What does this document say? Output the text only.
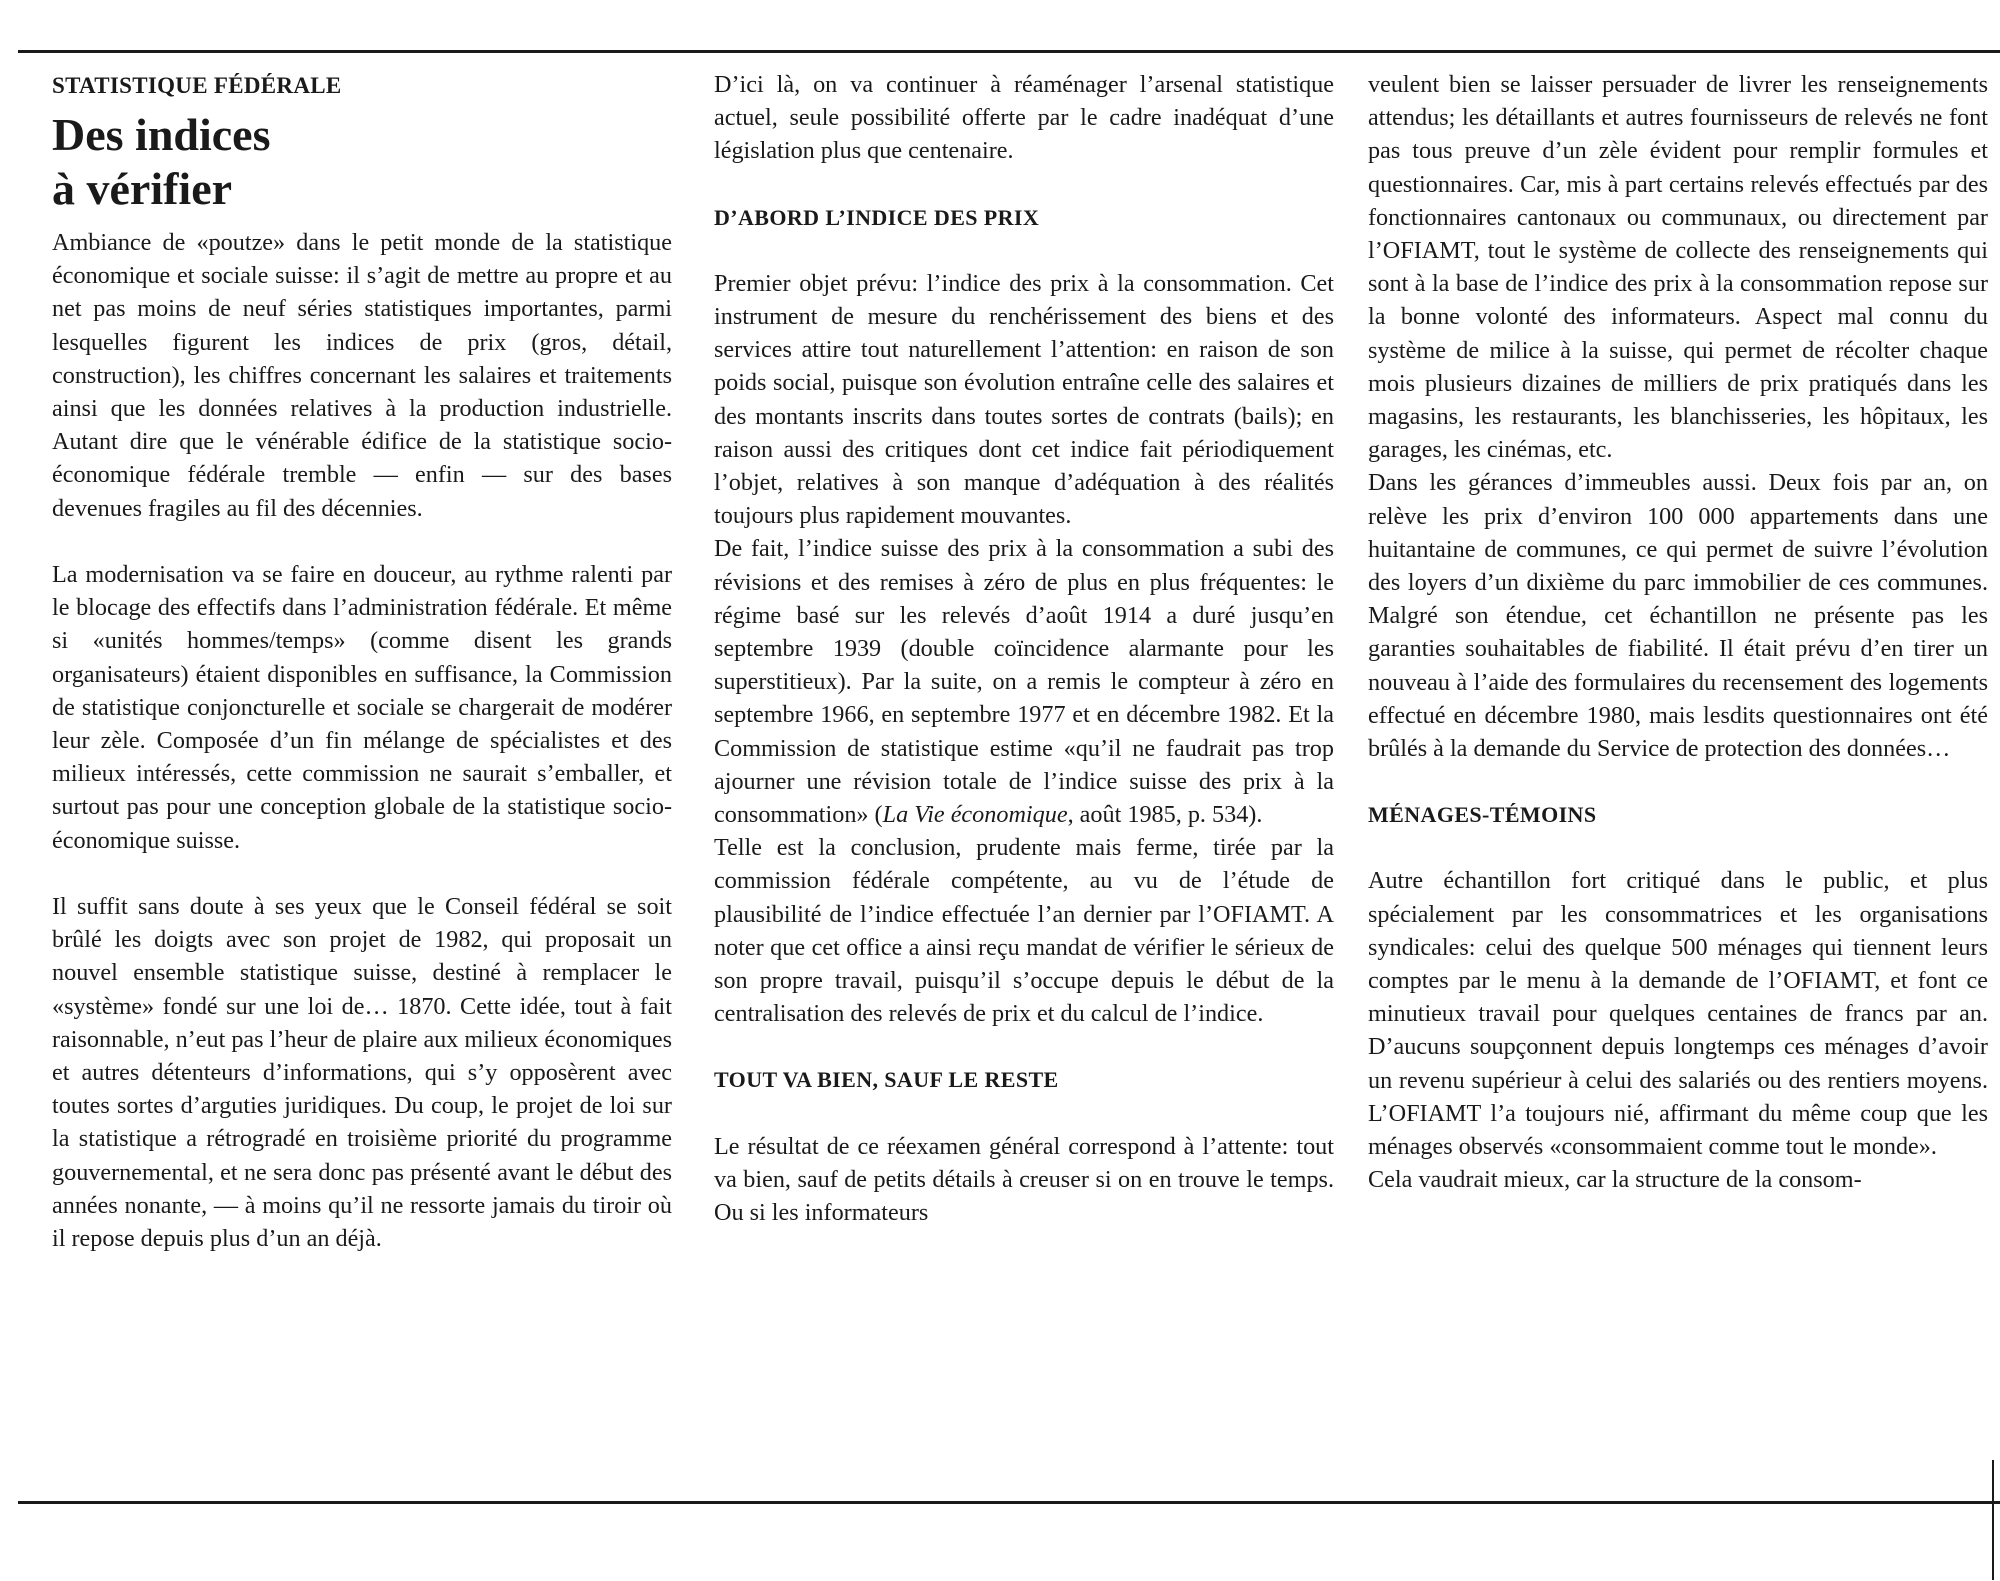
STATISTIQUE FÉDÉRALE
Des indices
à vérifier

Ambiance de «poutze» dans le petit monde de la statistique économique et sociale suisse: il s’agit de mettre au propre et au net pas moins de neuf séries statistiques importantes, parmi lesquelles figurent les indices de prix (gros, détail, construction), les chiffres concernant les salaires et traitements ainsi que les données relatives à la production industrielle. Autant dire que le vénérable édifice de la statistique socio-économique fédérale tremble — enfin — sur des bases devenues fragiles au fil des décennies.

La modernisation va se faire en douceur, au rythme ralenti par le blocage des effectifs dans l’administration fédérale. Et même si «unités hommes/temps» (comme disent les grands organisateurs) étaient disponibles en suffisance, la Commission de statistique conjoncturelle et sociale se chargerait de modérer leur zèle. Composée d’un fin mélange de spécialistes et des milieux intéressés, cette commission ne saurait s’emballer, et surtout pas pour une conception globale de la statistique socio-économique suisse.

Il suffit sans doute à ses yeux que le Conseil fédéral se soit brûlé les doigts avec son projet de 1982, qui proposait un nouvel ensemble statistique suisse, destiné à remplacer le «système» fondé sur une loi de… 1870. Cette idée, tout à fait raisonnable, n’eut pas l’heur de plaire aux milieux économiques et autres détenteurs d’informations, qui s’y opposèrent avec toutes sortes d’arguties juridiques. Du coup, le projet de loi sur la statistique a rétrogradé en troisième priorité du programme gouvernemental, et ne sera donc pas présenté avant le début des années nonante, — à moins qu’il ne ressorte jamais du tiroir où il repose depuis plus d’un an déjà.

D’ici là, on va continuer à réaménager l’arsenal statistique actuel, seule possibilité offerte par le cadre inadéquat d’une législation plus que centenaire.

D’ABORD L’INDICE DES PRIX

Premier objet prévu: l’indice des prix à la consommation. Cet instrument de mesure du renchérissement des biens et des services attire tout naturellement l’attention: en raison de son poids social, puisque son évolution entraîne celle des salaires et des montants inscrits dans toutes sortes de contrats (bails); en raison aussi des critiques dont cet indice fait périodiquement l’objet, relatives à son manque d’adéquation à des réalités toujours plus rapidement mouvantes.

De fait, l’indice suisse des prix à la consommation a subi des révisions et des remises à zéro de plus en plus fréquentes: le régime basé sur les relevés d’août 1914 a duré jusqu’en septembre 1939 (double coïncidence alarmante pour les superstitieux). Par la suite, on a remis le compteur à zéro en septembre 1966, en septembre 1977 et en décembre 1982. Et la Commission de statistique estime «qu’il ne faudrait pas trop ajourner une révision totale de l’indice suisse des prix à la consommation» (La Vie économique, août 1985, p. 534).

Telle est la conclusion, prudente mais ferme, tirée par la commission fédérale compétente, au vu de l’étude de plausibilité de l’indice effectuée l’an dernier par l’OFIAMT. A noter que cet office a ainsi reçu mandat de vérifier le sérieux de son propre travail, puisqu’il s’occupe depuis le début de la centralisation des relevés de prix et du calcul de l’indice.

TOUT VA BIEN, SAUF LE RESTE

Le résultat de ce réexamen général correspond à l’attente: tout va bien, sauf de petits détails à creuser si on en trouve le temps. Ou si les informateurs

veulent bien se laisser persuader de livrer les renseignements attendus; les détaillants et autres fournisseurs de relevés ne font pas tous preuve d’un zèle évident pour remplir formules et questionnaires. Car, mis à part certains relevés effectués par des fonctionnaires cantonaux ou communaux, ou directement par l’OFIAMT, tout le système de collecte des renseignements qui sont à la base de l’indice des prix à la consommation repose sur la bonne volonté des informateurs. Aspect mal connu du système de milice à la suisse, qui permet de récolter chaque mois plusieurs dizaines de milliers de prix pratiqués dans les magasins, les restaurants, les blanchisseries, les hôpitaux, les garages, les cinémas, etc.

Dans les gérances d’immeubles aussi. Deux fois par an, on relève les prix d’environ 100 000 appartements dans une huitantaine de communes, ce qui permet de suivre l’évolution des loyers d’un dixième du parc immobilier de ces communes. Malgré son étendue, cet échantillon ne présente pas les garanties souhaitables de fiabilité. Il était prévu d’en tirer un nouveau à l’aide des formulaires du recensement des logements effectué en décembre 1980, mais lesdits questionnaires ont été brûlés à la demande du Service de protection des données…

MÉNAGES-TÉMOINS

Autre échantillon fort critiqué dans le public, et plus spécialement par les consommatrices et les organisations syndicales: celui des quelque 500 ménages qui tiennent leurs comptes par le menu à la demande de l’OFIAMT, et font ce minutieux travail pour quelques centaines de francs par an. D’aucuns soupçonnent depuis longtemps ces ménages d’avoir un revenu supérieur à celui des salariés ou des rentiers moyens. L’OFIAMT l’a toujours nié, affirmant du même coup que les ménages observés «consommaient comme tout le monde».

Cela vaudrait mieux, car la structure de la consom-
